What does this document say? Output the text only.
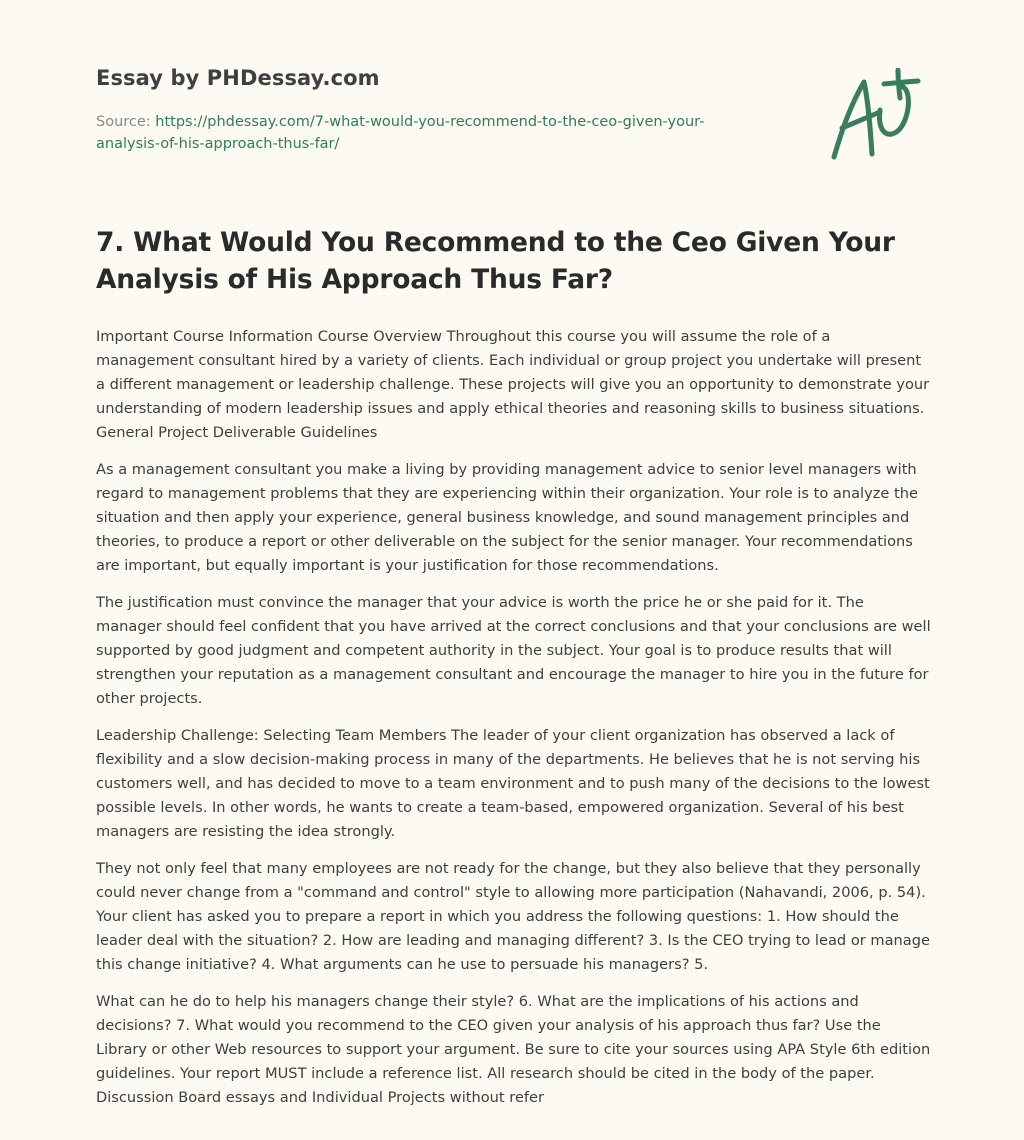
Essay by PHDessay.com
Source: https://phdessay.com/7-what-would-you-recommend-to-the-ceo-given-your-analysis-of-his-approach-thus-far/
7. What Would You Recommend to the Ceo Given Your Analysis of His Approach Thus Far?

Important Course Information Course Overview Throughout this course you will assume the role of a management consultant hired by a variety of clients. Each individual or group project you undertake will present a different management or leadership challenge. These projects will give you an opportunity to demonstrate your understanding of modern leadership issues and apply ethical theories and reasoning skills to business situations. General Project Deliverable Guidelines

As a management consultant you make a living by providing management advice to senior level managers with regard to management problems that they are experiencing within their organization. Your role is to analyze the situation and then apply your experience, general business knowledge, and sound management principles and theories, to produce a report or other deliverable on the subject for the senior manager. Your recommendations are important, but equally important is your justification for those recommendations.

The justification must convince the manager that your advice is worth the price he or she paid for it. The manager should feel confident that you have arrived at the correct conclusions and that your conclusions are well supported by good judgment and competent authority in the subject. Your goal is to produce results that will strengthen your reputation as a management consultant and encourage the manager to hire you in the future for other projects.

Leadership Challenge: Selecting Team Members The leader of your client organization has observed a lack of flexibility and a slow decision-making process in many of the departments. He believes that he is not serving his customers well, and has decided to move to a team environment and to push many of the decisions to the lowest possible levels. In other words, he wants to create a team-based, empowered organization. Several of his best managers are resisting the idea strongly.

They not only feel that many employees are not ready for the change, but they also believe that they personally could never change from a "command and control" style to allowing more participation (Nahavandi, 2006, p. 54). Your client has asked you to prepare a report in which you address the following questions: 1. How should the leader deal with the situation? 2. How are leading and managing different? 3. Is the CEO trying to lead or manage this change initiative? 4. What arguments can he use to persuade his managers? 5.

What can he do to help his managers change their style? 6. What are the implications of his actions and decisions? 7. What would you recommend to the CEO given your analysis of his approach thus far? Use the Library or other Web resources to support your argument. Be sure to cite your sources using APA Style 6th edition guidelines. Your report MUST include a reference list. All research should be cited in the body of the paper. Discussion Board essays and Individual Projects without refer
